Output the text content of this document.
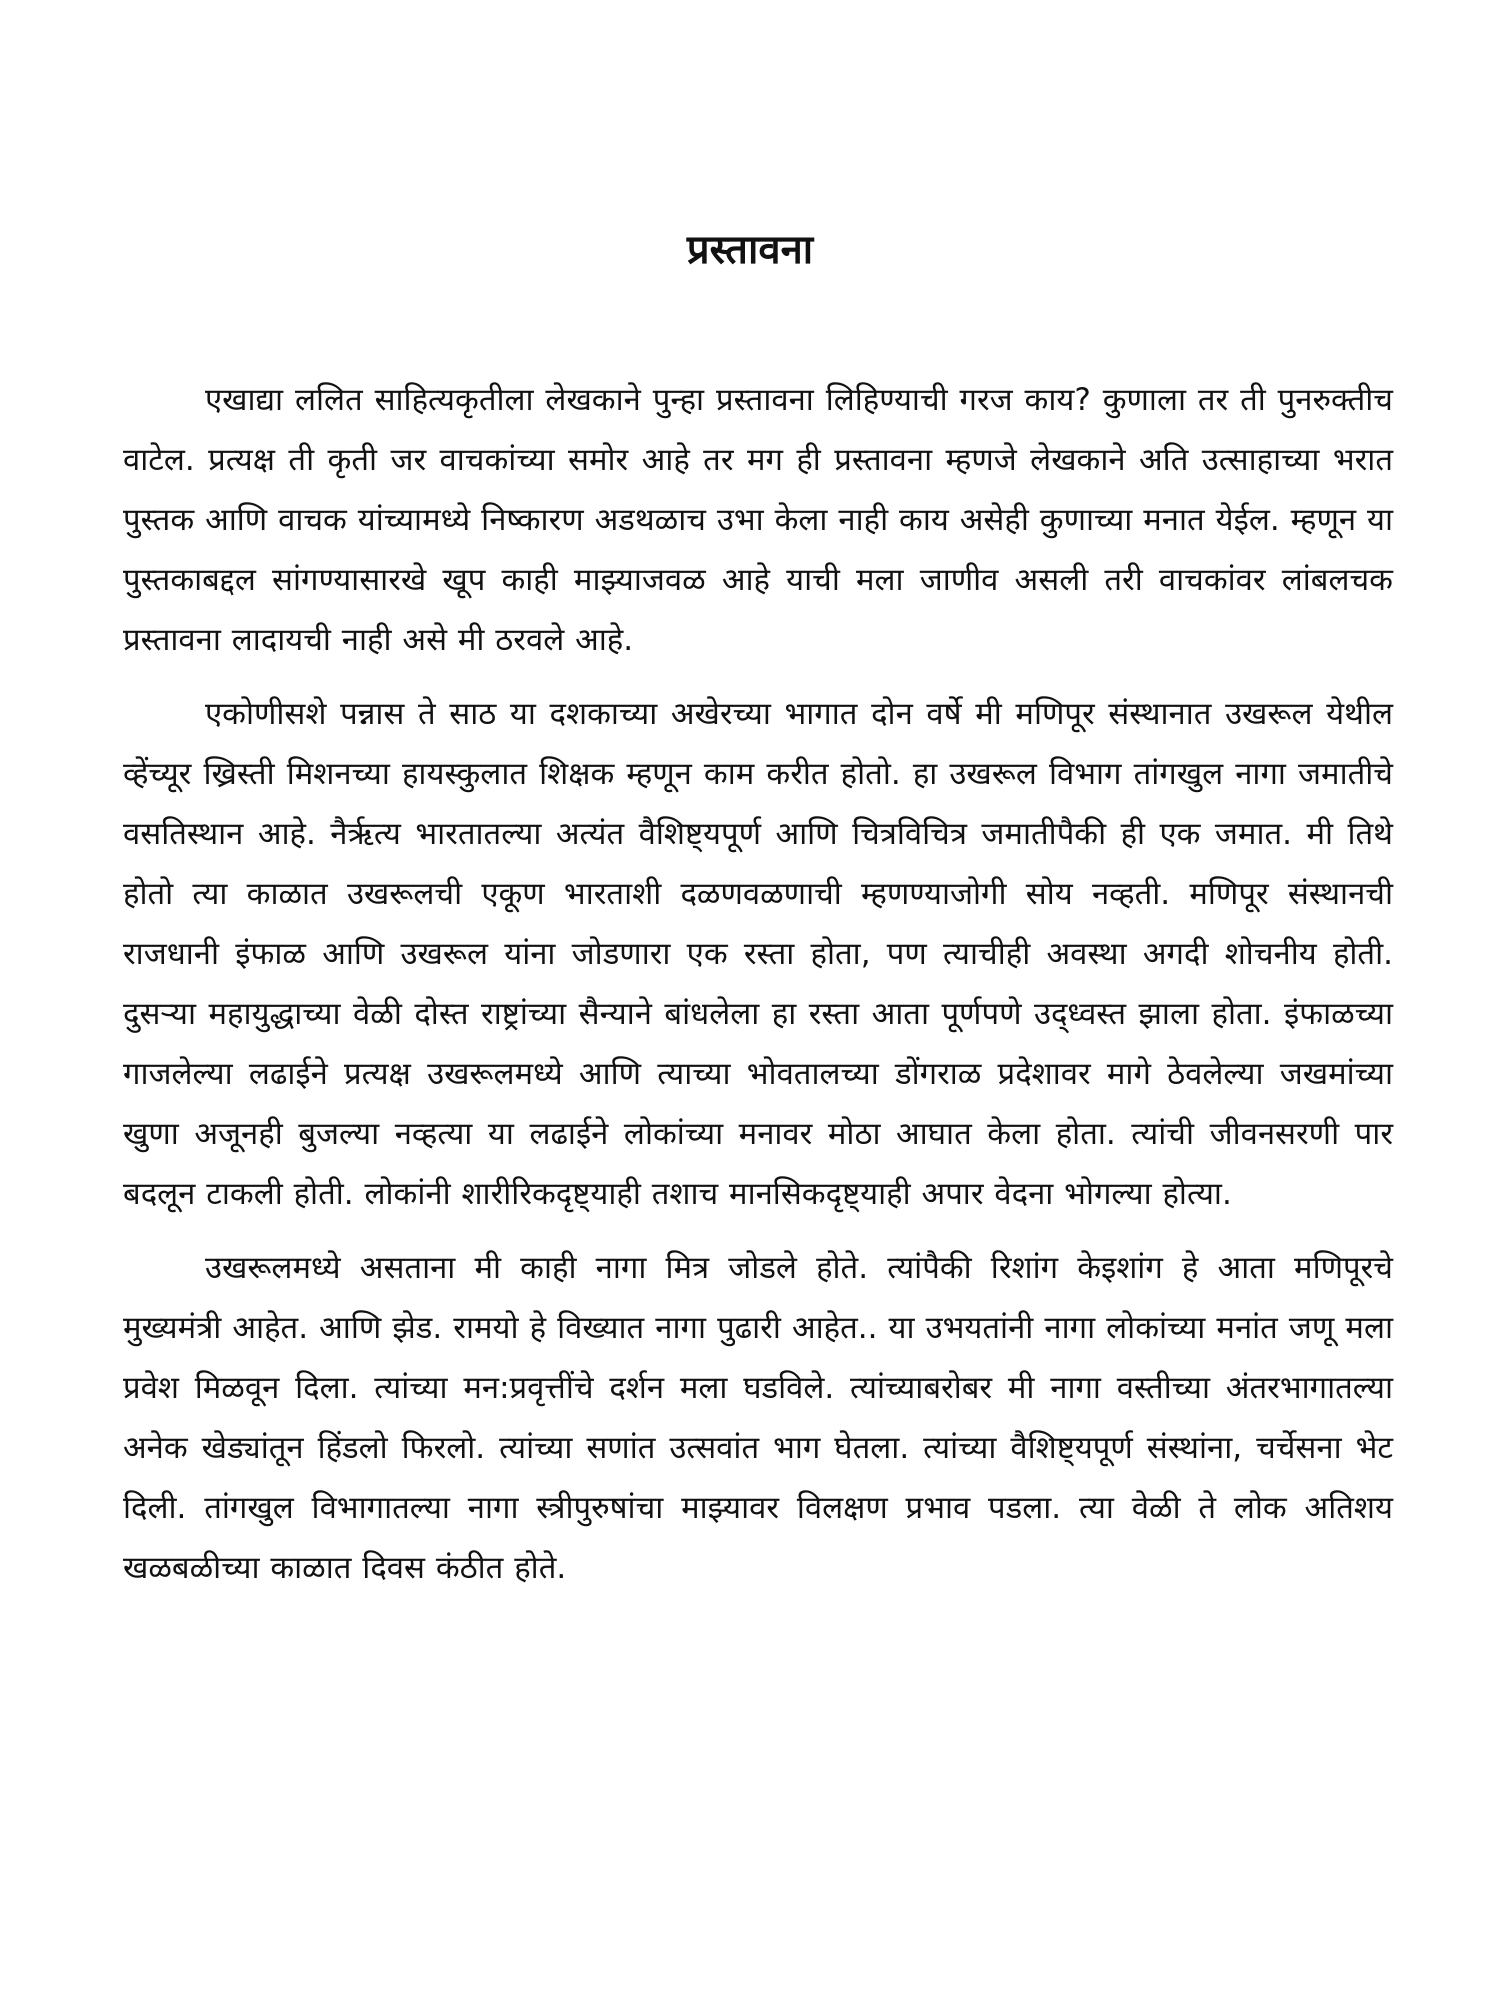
प्रस्तावना

एखाद्या ललित साहित्यकृतीला लेखकाने पुन्हा प्रस्तावना लिहिण्याची गरज काय? कुणाला तर ती पुनरुक्तीच वाटेल. प्रत्यक्ष ती कृती जर वाचकांच्या समोर आहे तर मग ही प्रस्तावना म्हणजे लेखकाने अति उत्साहाच्या भरात पुस्तक आणि वाचक यांच्यामध्ये निष्कारण अडथळाच उभा केला नाही काय असेही कुणाच्या मनात येईल. म्हणून या पुस्तकाबद्दल सांगण्यासारखे खूप काही माझ्याजवळ आहे याची मला जाणीव असली तरी वाचकांवर लांबलचक प्रस्तावना लादायची नाही असे मी ठरवले आहे.

एकोणीसशे पन्नास ते साठ या दशकाच्या अखेरच्या भागात दोन वर्षे मी मणिपूर संस्थानात उखरूल येथील व्हेंच्यूर ख्रिस्ती मिशनच्या हायस्कुलात शिक्षक म्हणून काम करीत होतो. हा उखरूल विभाग तांगखुल नागा जमातीचे वसतिस्थान आहे. नैर्ऋत्य भारतातल्या अत्यंत वैशिष्ट्यपूर्ण आणि चित्रविचित्र जमातीपैकी ही एक जमात. मी तिथे होतो त्या काळात उखरूलची एकूण भारताशी दळणवळणाची म्हणण्याजोगी सोय नव्हती. मणिपूर संस्थानची राजधानी इंफाळ आणि उखरूल यांना जोडणारा एक रस्ता होता, पण त्याचीही अवस्था अगदी शोचनीय होती. दुसऱ्या महायुद्धाच्या वेळी दोस्त राष्ट्रांच्या सैन्याने बांधलेला हा रस्ता आता पूर्णपणे उद्ध्वस्त झाला होता. इंफाळच्या गाजलेल्या लढाईने प्रत्यक्ष उखरूलमध्ये आणि त्याच्या भोवतालच्या डोंगराळ प्रदेशावर मागे ठेवलेल्या जखमांच्या खुणा अजूनही बुजल्या नव्हत्या या लढाईने लोकांच्या मनावर मोठा आघात केला होता. त्यांची जीवनसरणी पार बदलून टाकली होती. लोकांनी शारीरिकदृष्ट्याही तशाच मानसिकदृष्ट्याही अपार वेदना भोगल्या होत्या.

उखरूलमध्ये असताना मी काही नागा मित्र जोडले होते. त्यांपैकी रिशांग केइशांग हे आता मणिपूरचे मुख्यमंत्री आहेत. आणि झेड. रामयो हे विख्यात नागा पुढारी आहेत.. या उभयतांनी नागा लोकांच्या मनांत जणू मला प्रवेश मिळवून दिला. त्यांच्या मन:प्रवृत्तींचे दर्शन मला घडविले. त्यांच्याबरोबर मी नागा वस्तीच्या अंतरभागातल्या अनेक खेड्यांतून हिंडलो फिरलो. त्यांच्या सणांत उत्सवांत भाग घेतला. त्यांच्या वैशिष्ट्यपूर्ण संस्थांना, चर्चेसना भेट दिली. तांगखुल विभागातल्या नागा स्त्रीपुरुषांचा माझ्यावर विलक्षण प्रभाव पडला. त्या वेळी ते लोक अतिशय खळबळीच्या काळात दिवस कंठीत होते.
